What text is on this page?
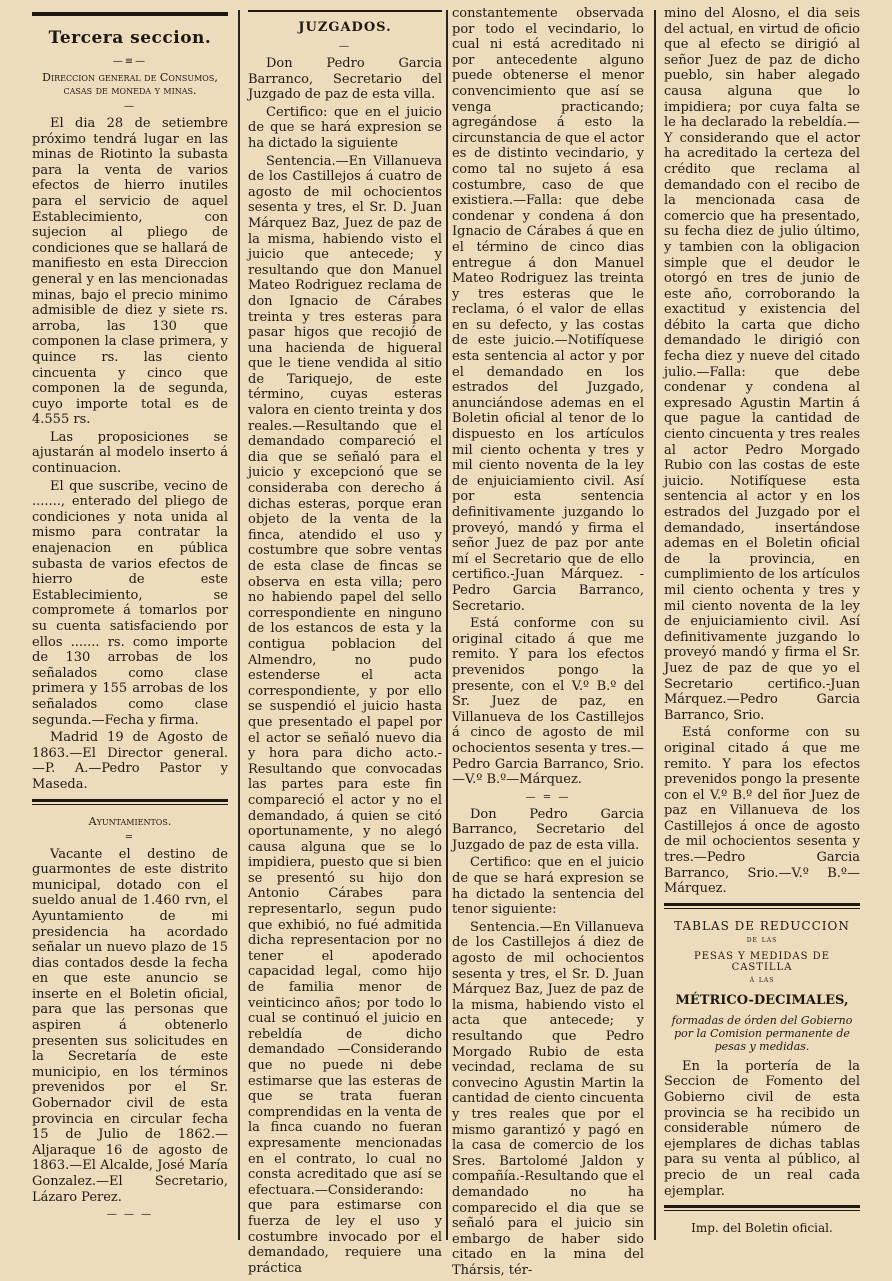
Tercera seccion.
—≡—
Direccion general de Consumos, casas de moneda y minas.
—

El dia 28 de setiembre próximo tendrá lugar en las minas de Riotinto la subasta para la venta de varios efectos de hierro inutiles para el servicio de aquel Establecimiento, con sujecion al pliego de condiciones que se hallará de manifiesto en esta Direccion general y en las mencionadas minas, bajo el precio minimo admisible de diez y siete rs. arroba, las 130 que componen la clase primera, y quince rs. las ciento cincuenta y cinco que componen la de segunda, cuyo importe total es de 4.555 rs.

Las proposiciones se ajustarán al modelo inserto á continuacion.

El que suscribe, vecino de ......., enterado del pliego de condiciones y nota unida al mismo para contratar la enajenacion en pública subasta de varios efectos de hierro de este Establecimiento, se compromete á tomarlos por su cuenta satisfaciendo por ellos ....... rs. como importe de 130 arrobas de los señalados como clase primera y 155 arrobas de los señalados como clase segunda.—Fecha y firma.

Madrid 19 de Agosto de 1863.—El Director general. —P. A.—Pedro Pastor y Maseda.

Ayuntamientos.
=

Vacante el destino de guarmontes de este distrito municipal, dotado con el sueldo anual de 1.460 rvn, el Ayuntamiento de mi presidencia ha acordado señalar un nuevo plazo de 15 dias contados desde la fecha en que este anuncio se inserte en el Boletin oficial, para que las personas que aspiren á obtenerlo presenten sus solicitudes en la Secretaría de este municipio, en los términos prevenidos por el Sr. Gobernador civil de esta provincia en circular fecha 15 de Julio de 1862.—Aljaraque 16 de agosto de 1863.—El Alcalde, José María Gonzalez.—El Secretario, Lázaro Perez.

— — —
JUZGADOS.
—

Don Pedro Garcia Barranco, Secretario del Juzgado de paz de esta villa.

Certifico: que en el juicio de que se hará expresion se ha dictado la siguiente

Sentencia.—En Villanueva de los Castillejos á cuatro de agosto de mil ochocientos sesenta y tres, el Sr. D. Juan Márquez Baz, Juez de paz de la misma, habiendo visto el juicio que antecede; y resultando que don Manuel Mateo Rodriguez reclama de don Ignacio de Cárabes treinta y tres esteras para pasar higos que recojió de una hacienda de higueral que le tiene vendida al sitio de Tariquejo, de este término, cuyas esteras valora en ciento treinta y dos reales.—Resultando que el demandado compareció el dia que se señaló para el juicio y excepcionó que se consideraba con derecho á dichas esteras, porque eran objeto de la venta de la finca, atendido el uso y costumbre que sobre ventas de esta clase de fincas se observa en esta villa; pero no habiendo papel del sello correspondiente en ninguno de los estancos de esta y la contigua poblacion del Almendro, no pudo estenderse el acta correspondiente, y por ello se suspendió el juicio hasta que presentado el papel por el actor se señaló nuevo dia y hora para dicho acto.-Resultando que convocadas las partes para este fin compareció el actor y no el demandado, á quien se citó oportunamente, y no alegó causa alguna que se lo impidiera, puesto que si bien se presentó su hijo don Antonio Cárabes para representarlo, segun pudo que exhibió, no fué admitida dicha representacion por no tener el apoderado capacidad legal, como hijo de familia menor de veinticinco años; por todo lo cual se continuó el juicio en rebeldía de dicho demandado —Considerando que no puede ni debe estimarse que las esteras de que se trata fueran comprendidas en la venta de la finca cuando no fueran expresamente mencionadas en el contrato, lo cual no consta acreditado que así se efectuara.—Considerando: que para estimarse con fuerza de ley el uso y costumbre invocado por el demandado, requiere una práctica

constantemente observada por todo el vecindario, lo cual ni está acreditado ni por antecedente alguno puede obtenerse el menor convencimiento que así se venga practicando; agregándose á esto la circunstancia de que el actor es de distinto vecindario, y como tal no sujeto á esa costumbre, caso de que existiera.—Falla: que debe condenar y condena á don Ignacio de Cárabes á que en el término de cinco dias entregue á don Manuel Mateo Rodriguez las treinta y tres esteras que le reclama, ó el valor de ellas en su defecto, y las costas de este juicio.—Notifíquese esta sentencia al actor y por el demandado en los estrados del Juzgado, anunciándose ademas en el Boletin oficial al tenor de lo dispuesto en los artículos mil ciento ochenta y tres y mil ciento noventa de la ley de enjuiciamiento civil. Así por esta sentencia definitivamente juzgando lo proveyó, mandó y firma el señor Juez de paz por ante mí el Secretario que de ello certifico.-Juan Márquez. -Pedro Garcia Barranco, Secretario.

Está conforme con su original citado á que me remito. Y para los efectos prevenidos pongo la presente, con el V.º B.º del Sr. Juez de paz, en Villanueva de los Castillejos á cinco de agosto de mil ochocientos sesenta y tres.—Pedro Garcia Barranco, Srio. —V.º B.º—Márquez.

— = —

Don Pedro Garcia Barranco, Secretario del Juzgado de paz de esta villa.

Certifico: que en el juicio de que se hará expresion se ha dictado la sentencia del tenor siguiente:

Sentencia.—En Villanueva de los Castillejos á diez de agosto de mil ochocientos sesenta y tres, el Sr. D. Juan Márquez Baz, Juez de paz de la misma, habiendo visto el acta que antecede; y resultando que Pedro Morgado Rubio de esta vecindad, reclama de su convecino Agustin Martin la cantidad de ciento cincuenta y tres reales que por el mismo garantizó y pagó en la casa de comercio de los Sres. Bartolomé Jaldon y compañía.-Resultando que el demandado no ha comparecido el dia que se señaló para el juicio sin embargo de haber sido citado en la mina del Thársis, tér-

mino del Alosno, el dia seis del actual, en virtud de oficio que al efecto se dirigió al señor Juez de paz de dicho pueblo, sin haber alegado causa alguna que lo impidiera; por cuya falta se le ha declarado la rebeldía.—Y considerando que el actor ha acreditado la certeza del crédito que reclama al demandado con el recibo de la mencionada casa de comercio que ha presentado, su fecha diez de julio último, y tambien con la obligacion simple que el deudor le otorgó en tres de junio de este año, corroborando la exactitud y existencia del débito la carta que dicho demandado le dirigió con fecha diez y nueve del citado julio.—Falla: que debe condenar y condena al expresado Agustin Martin á que pague la cantidad de ciento cincuenta y tres reales al actor Pedro Morgado Rubio con las costas de este juicio. Notifíquese esta sentencia al actor y en los estrados del Juzgado por el demandado, insertándose ademas en el Boletin oficial de la provincia, en cumplimiento de los artículos mil ciento ochenta y tres y mil ciento noventa de la ley de enjuiciamiento civil. Así definitivamente juzgando lo proveyó mandó y firma el Sr. Juez de paz de que yo el Secretario certifico.-Juan Márquez.—Pedro Garcia Barranco, Srio.

Está conforme con su original citado á que me remito. Y para los efectos prevenidos pongo la presente con el V.º B.º del ñor Juez de paz en Villanueva de los Castillejos á once de agosto de mil ochocientos sesenta y tres.—Pedro Garcia Barranco, Srio.—V.º B.º—Márquez.

TABLAS DE REDUCCION
de las
PESAS Y MEDIDAS DE CASTILLA
á las
MÉTRICO-DECIMALES,
formadas de órden del Gobierno por la Comision permanente de pesas y medidas.

En la portería de la Seccion de Fomento del Gobierno civil de esta provincia se ha recibido un considerable número de ejemplares de dichas tablas para su venta al público, al precio de un real cada ejemplar.

Imp. del Boletin oficial.
